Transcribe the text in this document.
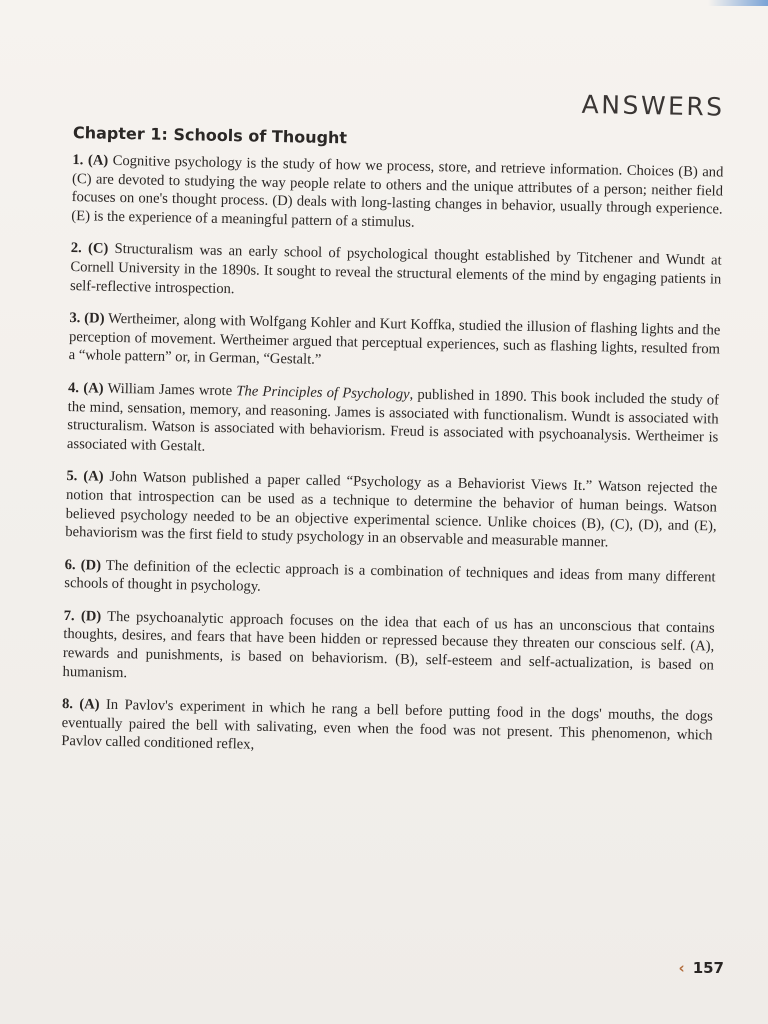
ANSWERS
Chapter 1: Schools of Thought

1. (A) Cognitive psychology is the study of how we process, store, and retrieve information. Choices (B) and (C) are devoted to studying the way people relate to others and the unique attributes of a person; neither field focuses on one's thought process. (D) deals with long-lasting changes in behavior, usually through experience. (E) is the experience of a meaningful pattern of a stimulus.

2. (C) Structuralism was an early school of psychological thought established by Titchener and Wundt at Cornell University in the 1890s. It sought to reveal the structural elements of the mind by engaging patients in self-reflective introspection.

3. (D) Wertheimer, along with Wolfgang Kohler and Kurt Koffka, studied the illusion of flashing lights and the perception of movement. Wertheimer argued that perceptual experiences, such as flashing lights, resulted from a “whole pattern” or, in German, “Gestalt.”

4. (A) William James wrote The Principles of Psychology, published in 1890. This book included the study of the mind, sensation, memory, and reasoning. James is associated with functionalism. Wundt is associated with structuralism. Watson is associated with behaviorism. Freud is associated with psychoanalysis. Wertheimer is associated with Gestalt.

5. (A) John Watson published a paper called “Psychology as a Behaviorist Views It.” Watson rejected the notion that introspection can be used as a technique to determine the behavior of human beings. Watson believed psychology needed to be an objective experimental science. Unlike choices (B), (C), (D), and (E), behaviorism was the first field to study psychology in an observable and measurable manner.

6. (D) The definition of the eclectic approach is a combination of techniques and ideas from many different schools of thought in psychology.

7. (D) The psychoanalytic approach focuses on the idea that each of us has an unconscious that contains thoughts, desires, and fears that have been hidden or repressed because they threaten our conscious self. (A), rewards and punishments, is based on behaviorism. (B), self-esteem and self-actualization, is based on humanism.

8. (A) In Pavlov's experiment in which he rang a bell before putting food in the dogs' mouths, the dogs eventually paired the bell with salivating, even when the food was not present. This phenomenon, which Pavlov called conditioned reflex,

‹ 157
